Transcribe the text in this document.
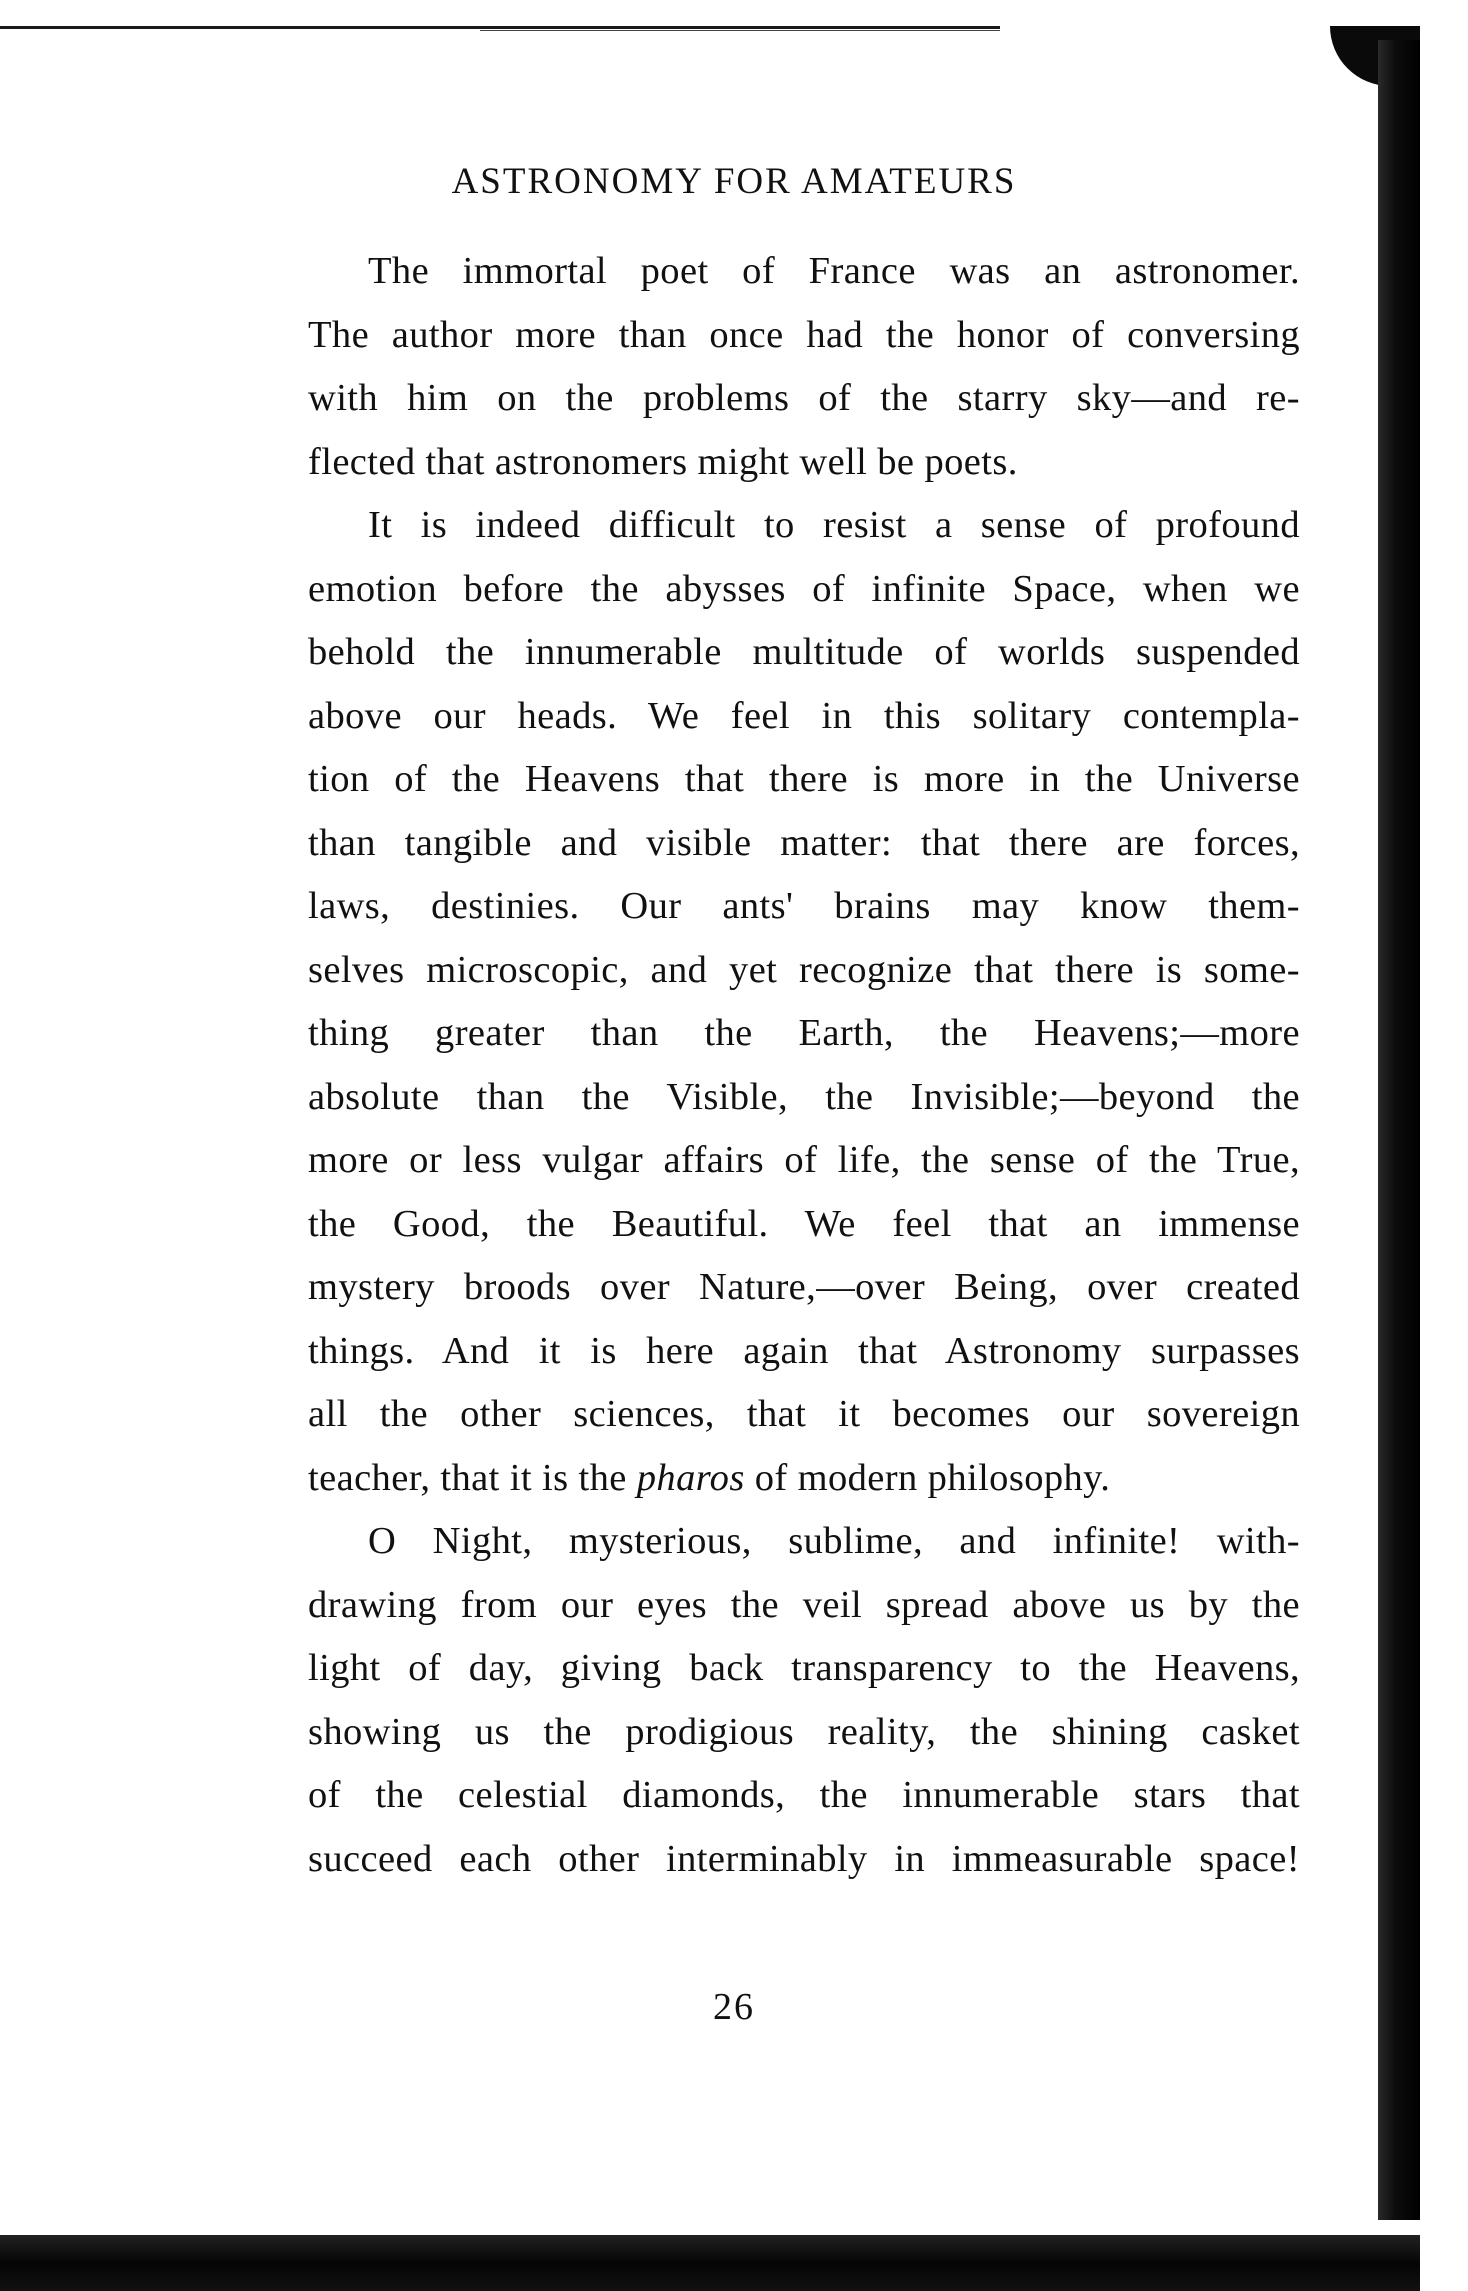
ASTRONOMY FOR AMATEURS
The immortal poet of France was an astronomer.
The author more than once had the honor of conversing
with him on the problems of the starry sky—and re-
flected that astronomers might well be poets.
It is indeed difficult to resist a sense of profound
emotion before the abysses of infinite Space, when we
behold the innumerable multitude of worlds suspended
above our heads. We feel in this solitary contempla-
tion of the Heavens that there is more in the Universe
than tangible and visible matter: that there are forces,
laws, destinies. Our ants' brains may know them-
selves microscopic, and yet recognize that there is some-
thing greater than the Earth, the Heavens;—more
absolute than the Visible, the Invisible;—beyond the
more or less vulgar affairs of life, the sense of the True,
the Good, the Beautiful. We feel that an immense
mystery broods over Nature,—over Being, over created
things. And it is here again that Astronomy surpasses
all the other sciences, that it becomes our sovereign
teacher, that it is the pharos of modern philosophy.
O Night, mysterious, sublime, and infinite! with-
drawing from our eyes the veil spread above us by the
light of day, giving back transparency to the Heavens,
showing us the prodigious reality, the shining casket
of the celestial diamonds, the innumerable stars that
succeed each other interminably in immeasurable space!
26
